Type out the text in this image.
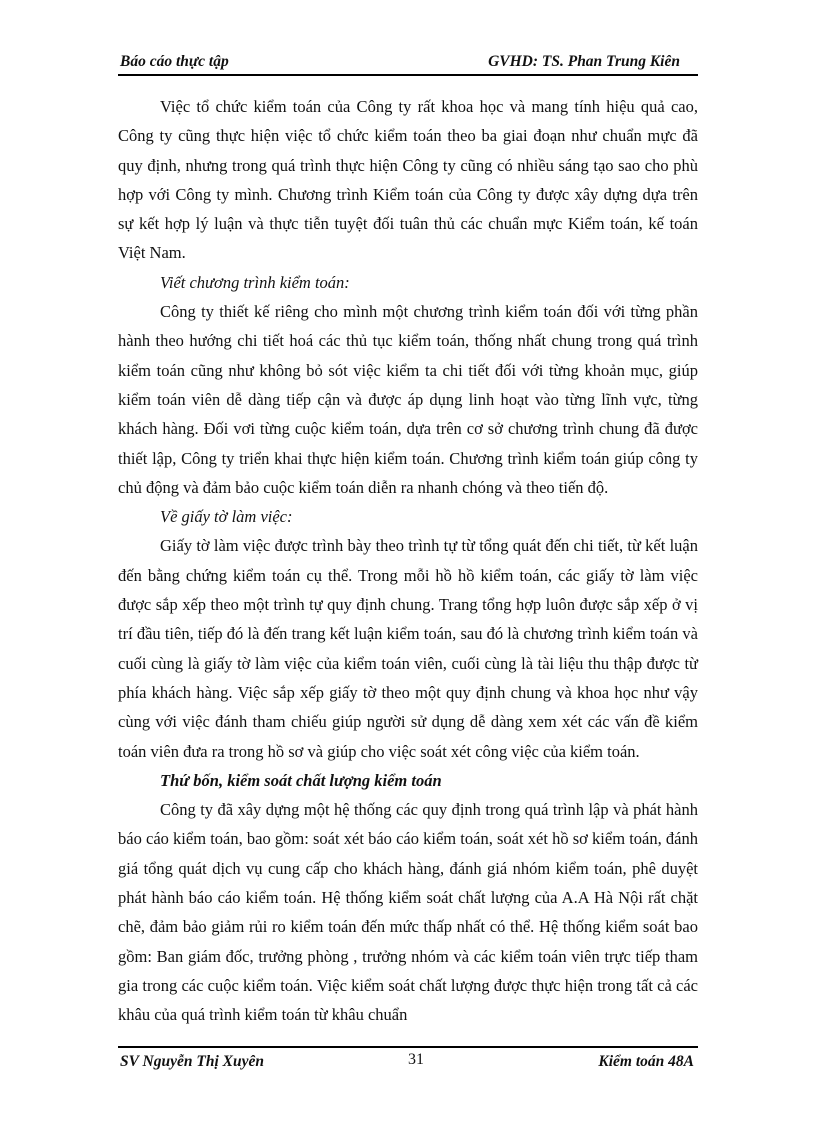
Báo cáo thực tập	GVHD: TS. Phan Trung Kiên

Việc tổ chức kiểm toán của Công ty rất khoa học và mang tính hiệu quả cao, Công ty cũng thực hiện việc tổ chức kiểm toán theo ba giai đoạn như chuẩn mực đã quy định, nhưng trong quá trình thực hiện Công ty cũng có nhiều sáng tạo sao cho phù hợp với Công ty mình. Chương trình Kiểm toán của Công ty được xây dựng dựa trên sự kết hợp lý luận và thực tiễn tuyệt đối tuân thủ các chuẩn mực Kiểm toán, kế toán Việt Nam.

Viết chương trình kiểm toán:

Công ty thiết kế riêng cho mình một chương trình kiểm toán đối với từng phần hành theo hướng chi tiết hoá các thủ tục kiểm toán, thống nhất chung trong quá trình kiểm toán cũng như không bỏ sót việc kiểm ta chi tiết đối với từng khoản mục, giúp kiểm toán viên dễ dàng tiếp cận và được áp dụng linh hoạt vào từng lĩnh vực, từng khách hàng. Đối vơi từng cuộc kiểm toán, dựa trên cơ sở chương trình chung đã được thiết lập, Công ty triển khai thực hiện kiểm toán. Chương trình kiểm toán giúp công ty chủ động và đảm bảo cuộc kiểm toán diễn ra nhanh chóng và theo tiến độ.

Về giấy tờ làm việc:

Giấy tờ làm việc được trình bày theo trình tự từ tổng quát đến chi tiết, từ kết luận đến bằng chứng kiểm toán cụ thể. Trong mỗi hồ hồ kiểm toán, các giấy tờ làm việc được sắp xếp theo một trình tự quy định chung. Trang tổng hợp luôn được sắp xếp ở vị trí đầu tiên, tiếp đó là đến trang kết luận kiểm toán, sau đó là chương trình kiểm toán và cuối cùng là giấy tờ làm việc của kiểm toán viên, cuối cùng là tài liệu thu thập được từ phía khách hàng. Việc sắp xếp giấy tờ theo một quy định chung và khoa học như vậy cùng với việc đánh tham chiếu giúp người sử dụng dễ dàng xem xét các vấn đề kiểm toán viên đưa ra trong hồ sơ và giúp cho việc soát xét công việc của kiểm toán.

Thứ bốn, kiểm soát chất lượng kiểm toán

Công ty đã xây dựng một hệ thống các quy định trong quá trình lập và phát hành báo cáo kiểm toán, bao gồm: soát xét báo cáo kiểm toán, soát xét hồ sơ kiểm toán, đánh giá tổng quát dịch vụ cung cấp cho khách hàng, đánh giá nhóm kiểm toán, phê duyệt phát hành báo cáo kiểm toán. Hệ thống kiểm soát chất lượng của A.A Hà Nội rất chặt chẽ, đảm bảo giảm rủi ro kiểm toán đến mức thấp nhất có thể. Hệ thống kiểm soát bao gồm: Ban giám đốc, trưởng phòng , trưởng nhóm và các kiểm toán viên trực tiếp tham gia trong các cuộc kiểm toán. Việc kiểm soát chất lượng được thực hiện trong tất cả các khâu của quá trình kiểm toán từ khâu chuẩn

SV Nguyễn Thị Xuyên	31	Kiểm toán 48A
